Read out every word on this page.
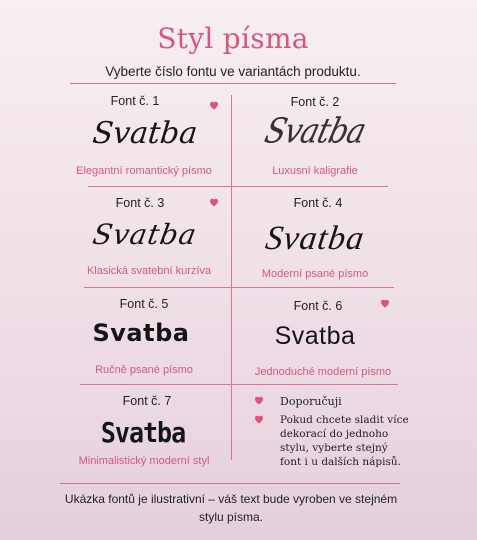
Styl písma
Vyberte číslo fontu ve variantách produktu.
Font č. 1
Svatba
Elegantní romantický písmo
Font č. 2
Svatba
Luxusní kaligrafie
Font č. 3
Svatba
Klasická svatební kurzíva
Font č. 4
Svatba
Moderní psané písmo
Font č. 5
Svatba
Ručně psané písmo
Font č. 6
Svatba
Jednoduché moderní písmo
Font č. 7
Svatba
Minimalistický moderní styl
Doporučuji
Pokud chcete sladit více dekorací do jednoho stylu, vyberte stejný font i u dalších nápisů.
Ukázka fontů je ilustrativní – váš text bude vyroben ve stejném stylu písma.
